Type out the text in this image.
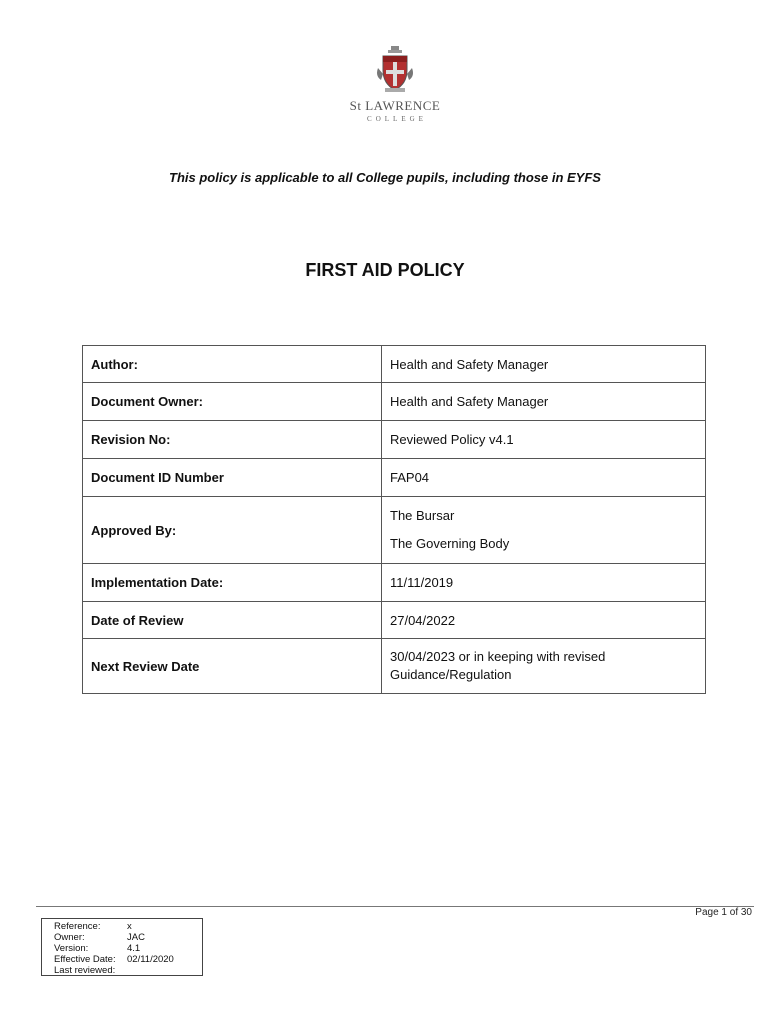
St LAWRENCE
COLLEGE
This policy is applicable to all College pupils, including those in EYFS
FIRST AID POLICY
Author:	Health and Safety Manager
Document Owner:	Health and Safety Manager
Revision No:	Reviewed Policy v4.1
Document ID Number	FAP04
Approved By:	The Bursar
The Governing Body

Implementation Date:	11/11/2019
Date of Review	27/04/2022
Next Review Date	30/04/2023 or in keeping with revised Guidance/Regulation
Page 1 of 30
Reference:	x
Owner:	JAC
Version:	4.1
Effective Date:	02/11/2020
Last reviewed:
